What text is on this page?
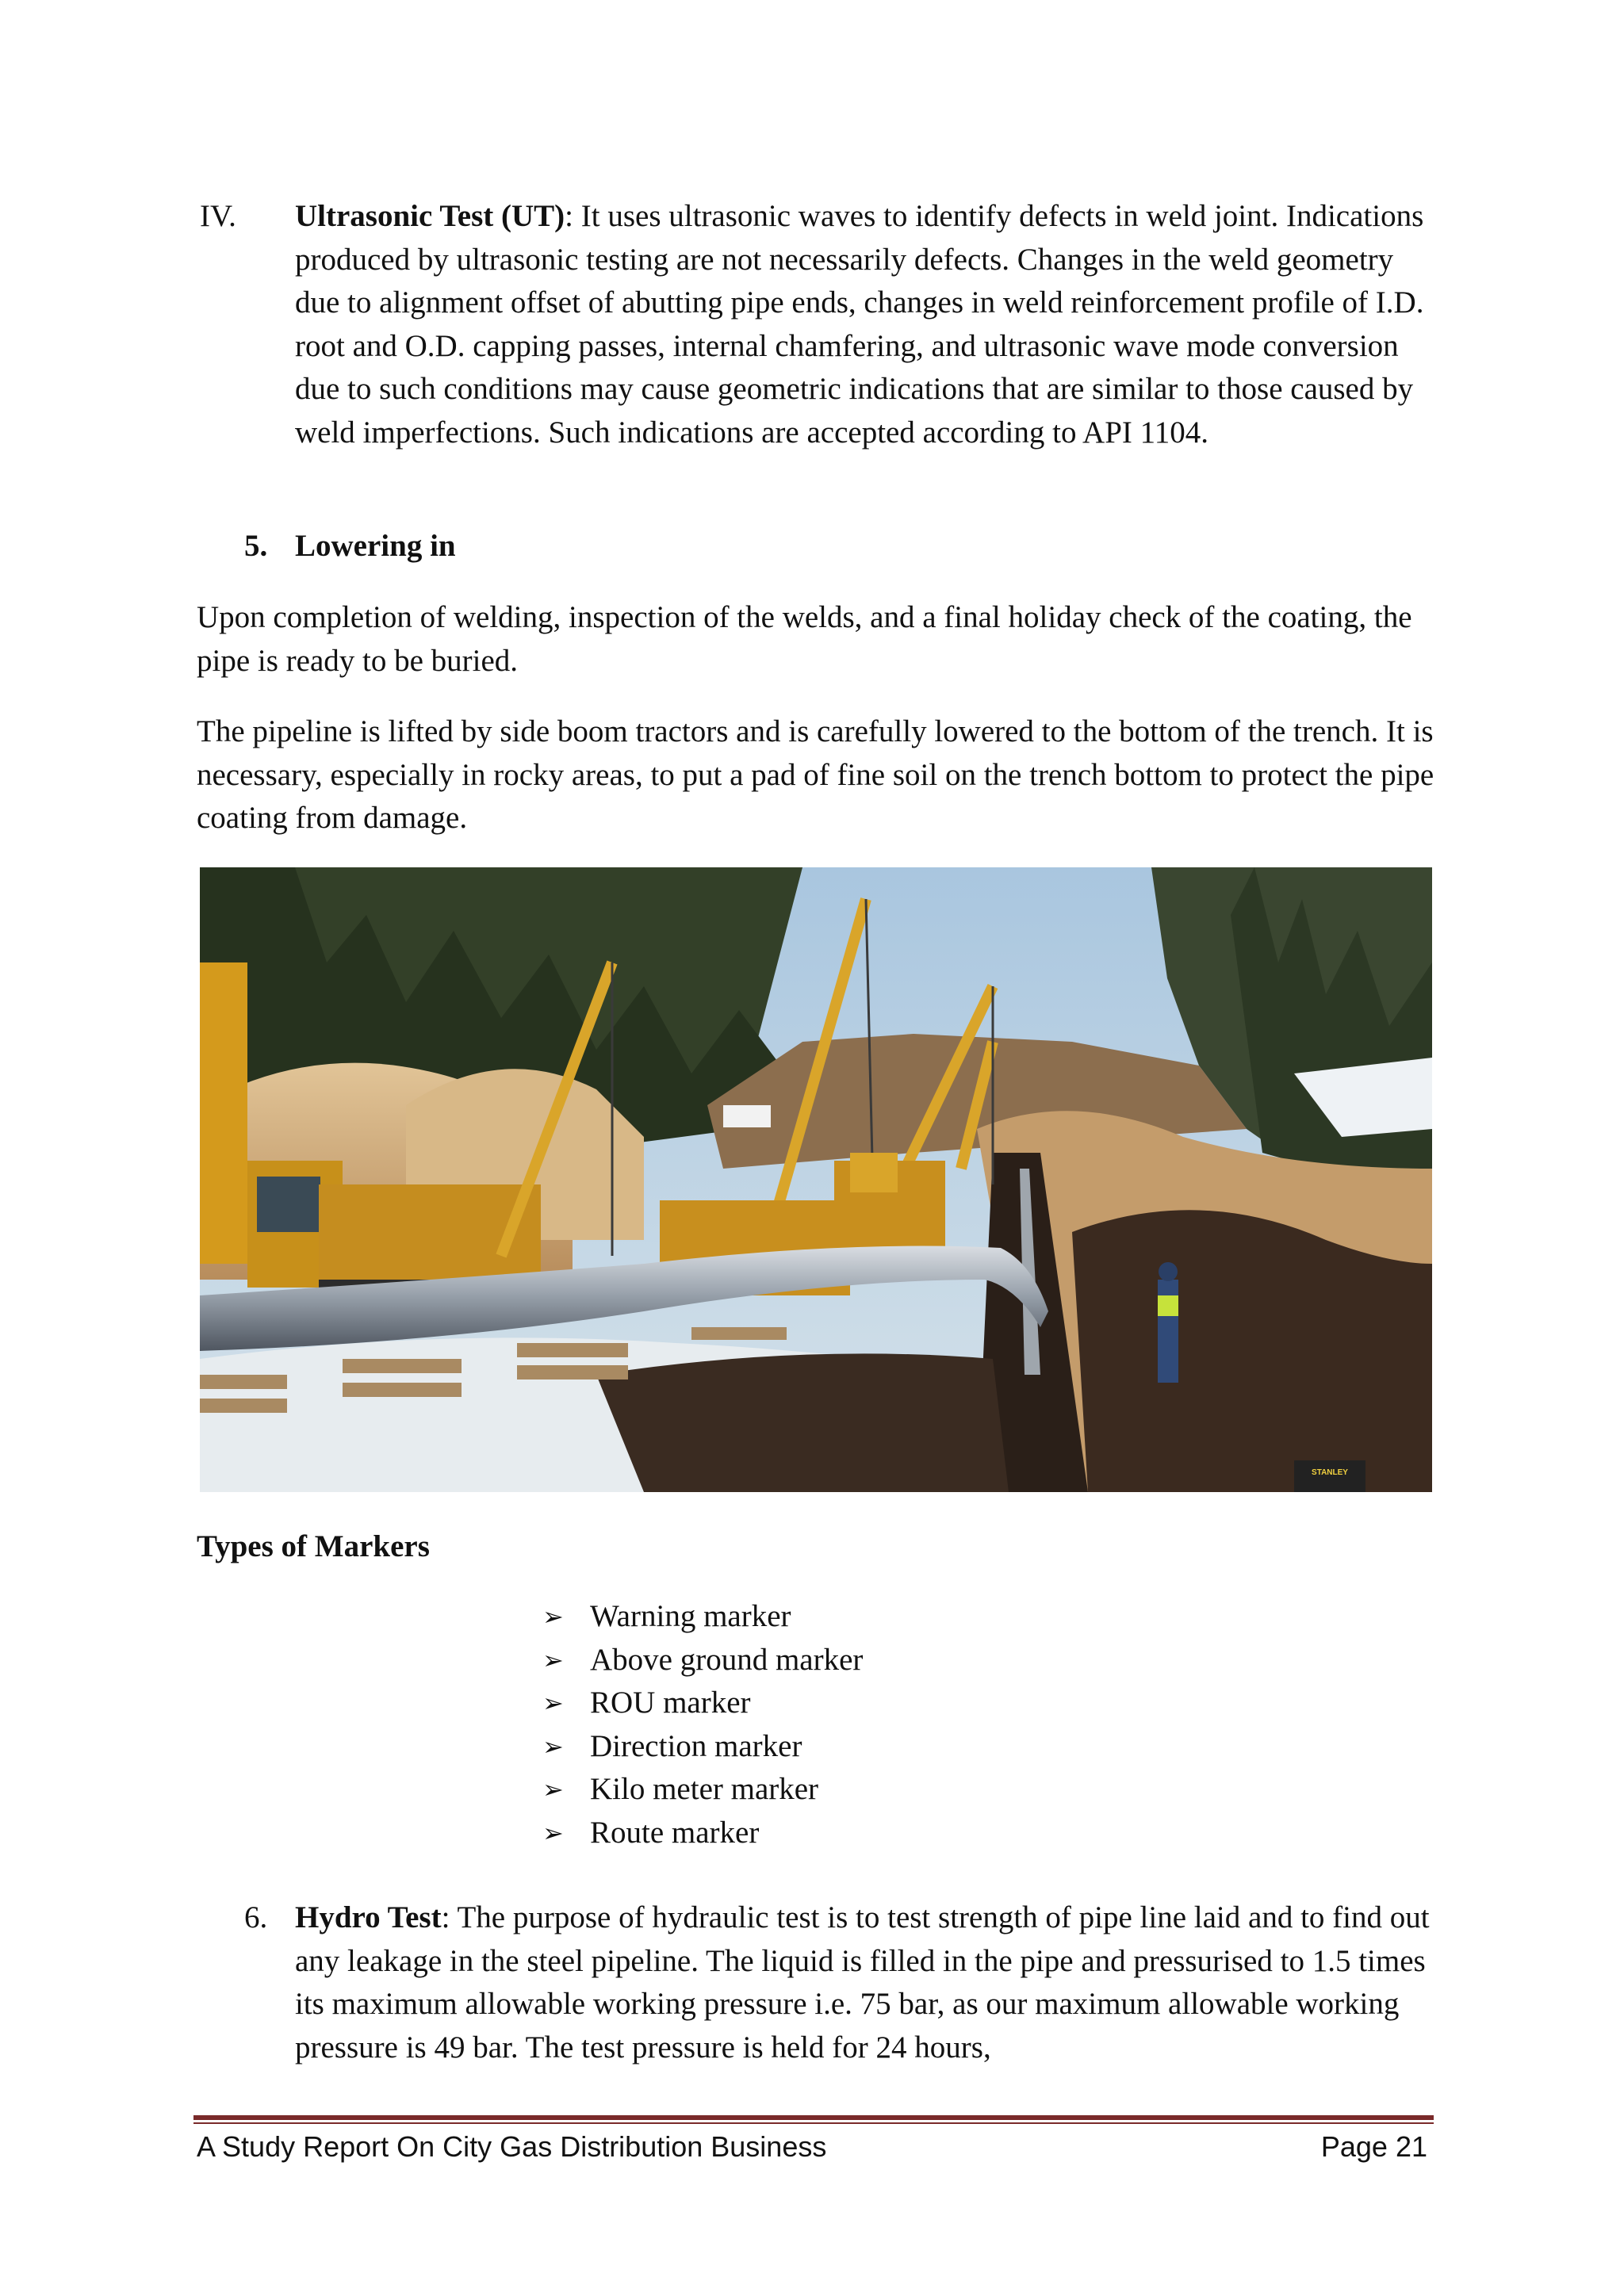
IV. Ultrasonic Test (UT): It uses ultrasonic waves to identify defects in weld joint. Indications produced by ultrasonic testing are not necessarily defects. Changes in the weld geometry due to alignment offset of abutting pipe ends, changes in weld reinforcement profile of I.D. root and O.D. capping passes, internal chamfering, and ultrasonic wave mode conversion due to such conditions may cause geometric indications that are similar to those caused by weld imperfections. Such indications are accepted according to API 1104.
5. Lowering in
Upon completion of welding, inspection of the welds, and a final holiday check of the coating, the pipe is ready to be buried.
The pipeline is lifted by side boom tractors and is carefully lowered to the bottom of the trench. It is necessary, especially in rocky areas, to put a pad of fine soil on the trench bottom to protect the pipe coating from damage.
STANLEY
Types of Markers
➢ Warning marker
➢ Above ground marker
➢ ROU marker
➢ Direction marker
➢ Kilo meter marker
➢ Route marker
6. Hydro Test: The purpose of hydraulic test is to test strength of pipe line laid and to find out any leakage in the steel pipeline. The liquid is filled in the pipe and pressurised to 1.5 times its maximum allowable working pressure i.e. 75 bar, as our maximum allowable working pressure is 49 bar. The test pressure is held for 24 hours,
A Study Report On City Gas Distribution Business	Page 21
